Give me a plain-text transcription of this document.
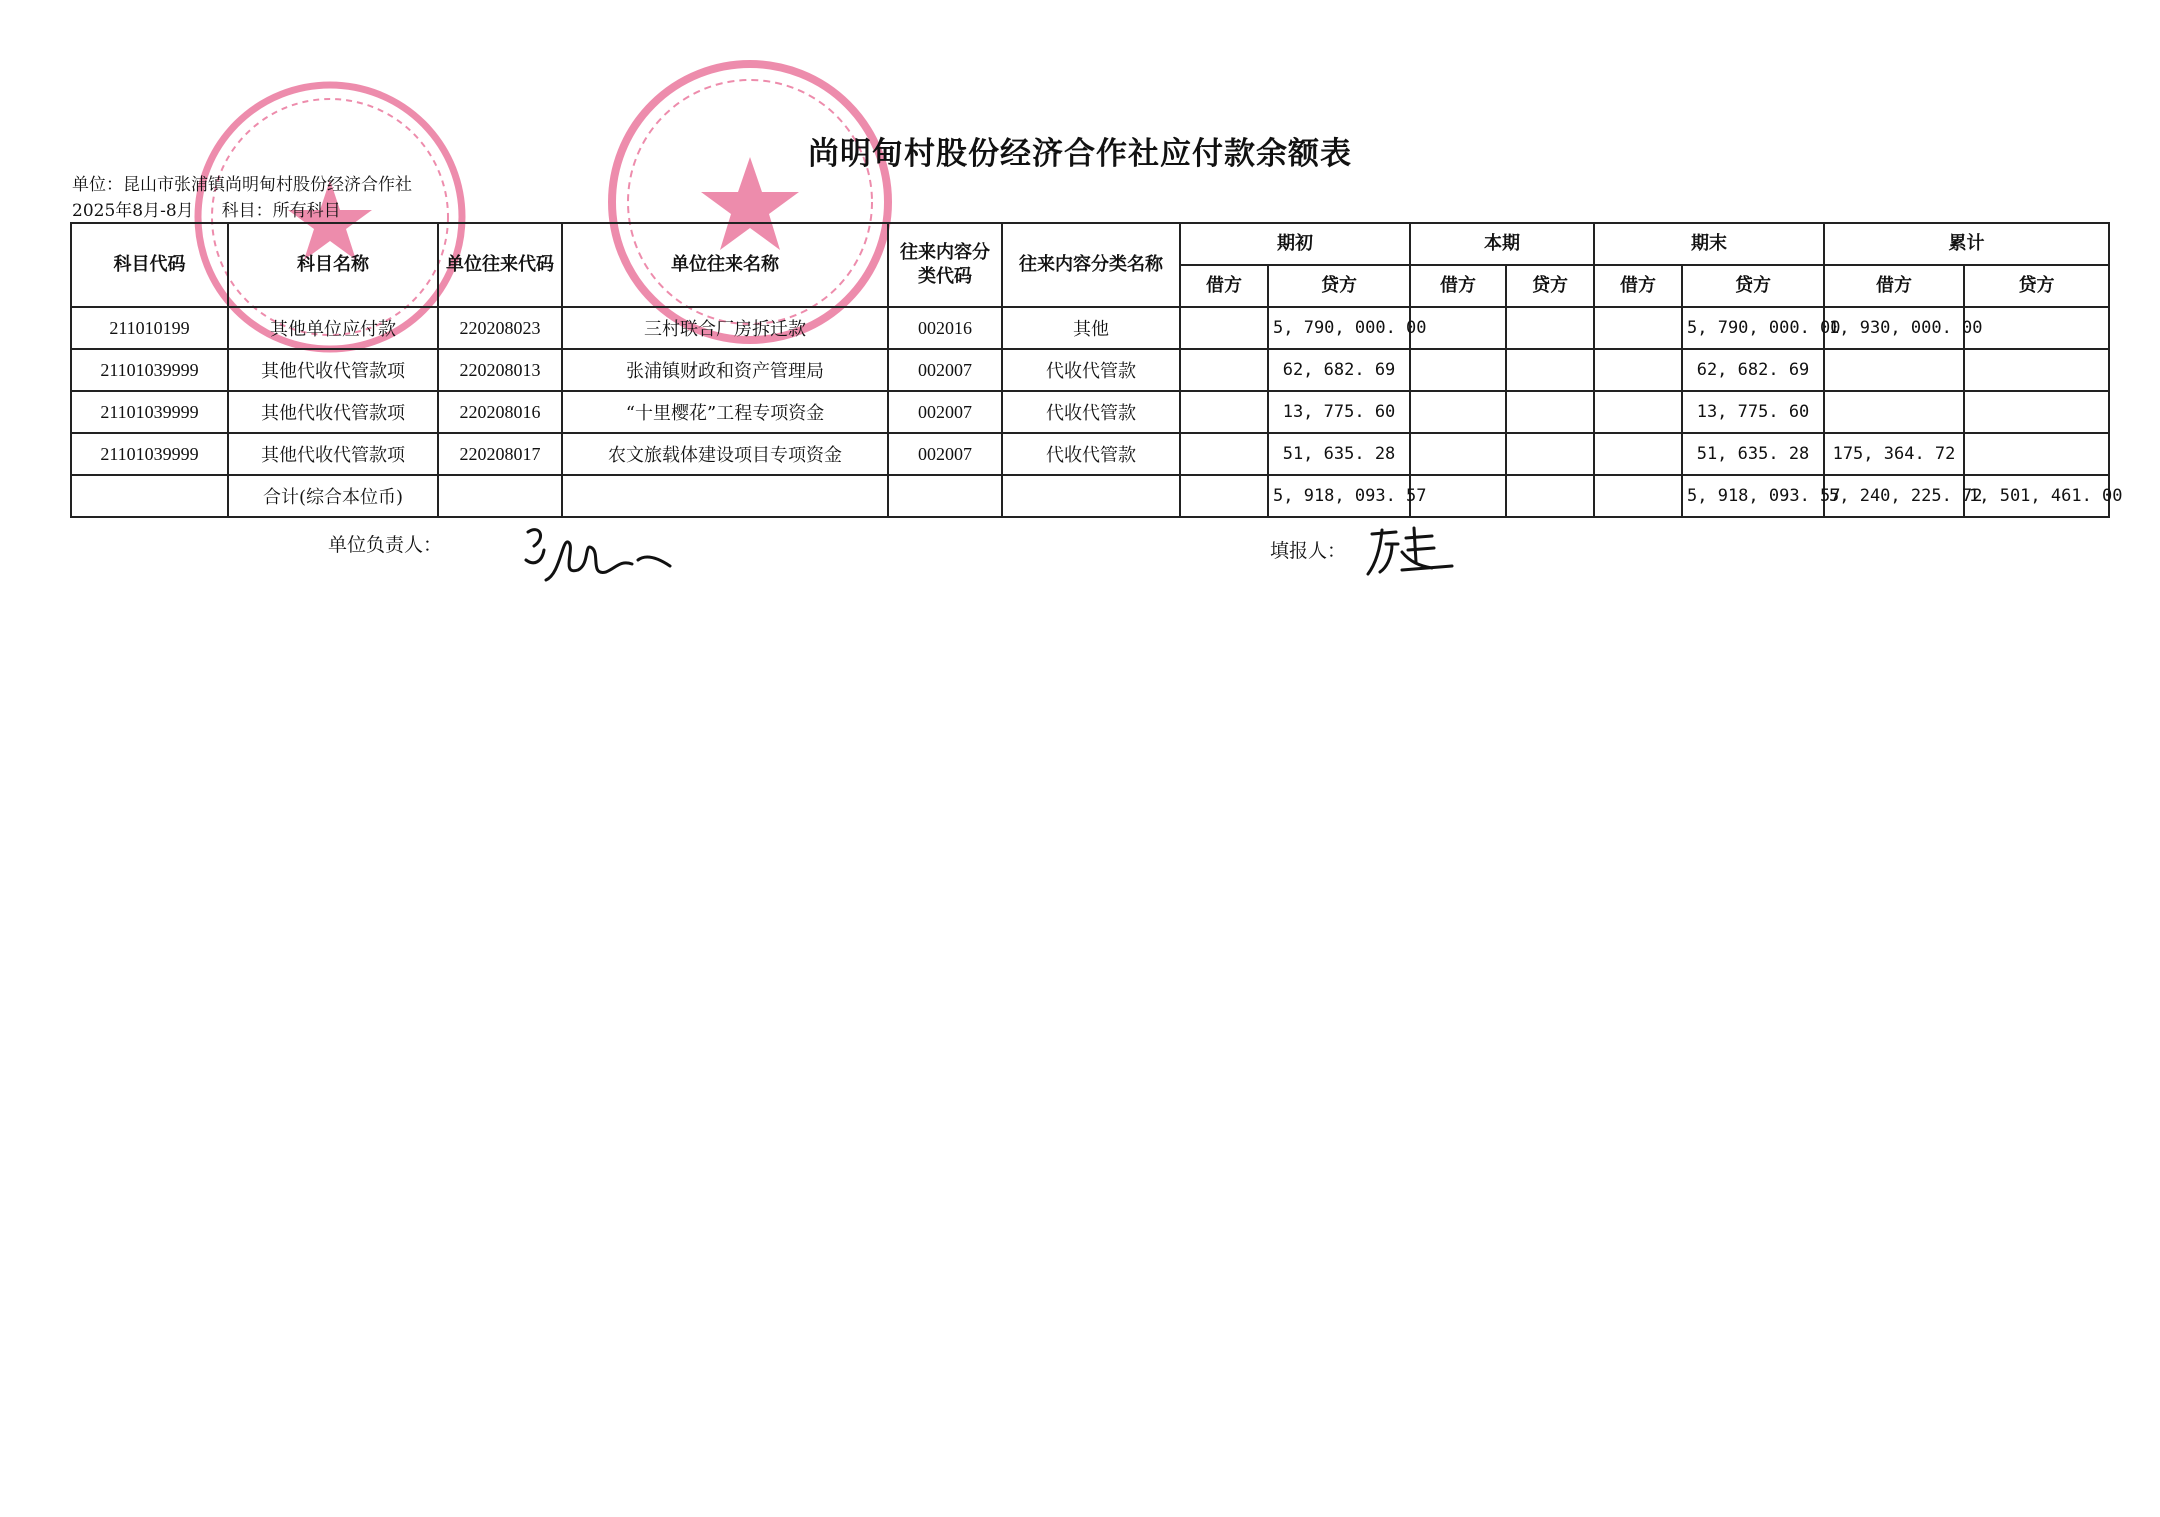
尚明甸村股份经济合作社应付款余额表
单位：昆山市张浦镇尚明甸村股份经济合作社
2025年8月-8月 科目：所有科目
科目代码	科目名称	单位往来代码	单位往来名称	往来内容分类代码	往来内容分类名称	期初		本期		期末		累计	
						借方	贷方	借方	贷方	借方	贷方	借方	贷方
211010199	其他单位应付款	220208023	三村联合厂房拆迁款	002016	其他		5, 790, 000. 00				5, 790, 000. 00	1, 930, 000. 00	
21101039999	其他代收代管款项	220208013	张浦镇财政和资产管理局	002007	代收代管款		62, 682. 69				62, 682. 69		
21101039999	其他代收代管款项	220208016	“十里樱花”工程专项资金	002007	代收代管款		13, 775. 60				13, 775. 60		
21101039999	其他代收代管款项	220208017	农文旅载体建设项目专项资金	002007	代收代管款		51, 635. 28				51, 635. 28	175, 364. 72	
	合计(综合本位币)						5, 918, 093. 57				5, 918, 093. 57	5, 240, 225. 72	1, 501, 461. 00
单位负责人：	填报人：
